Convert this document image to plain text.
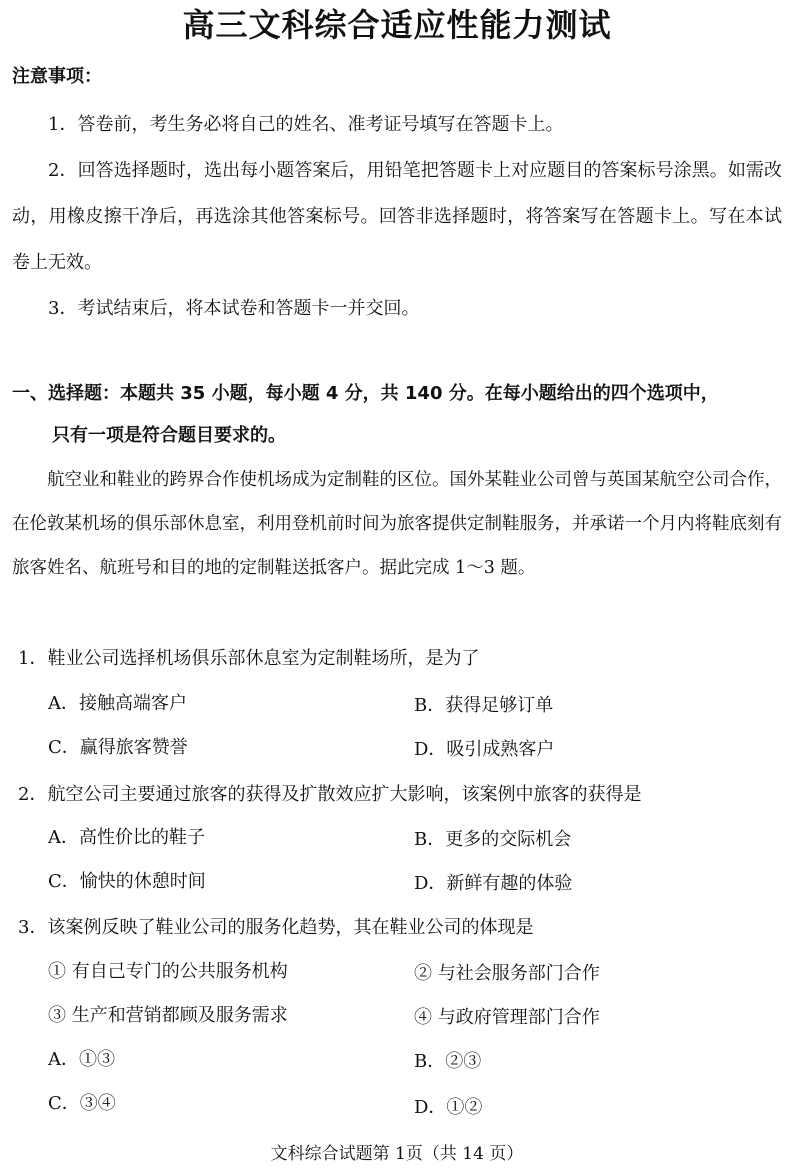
高三文科综合适应性能力测试
注意事项：

1．答卷前，考生务必将自己的姓名、准考证号填写在答题卡上。

2．回答选择题时，选出每小题答案后，用铅笔把答题卡上对应题目的答案标号涂黑。如需改动，用橡皮擦干净后，再选涂其他答案标号。回答非选择题时，将答案写在答题卡上。写在本试卷上无效。

3．考试结束后，将本试卷和答题卡一并交回。

一、选择题：本题共 35 小题，每小题 4 分，共 140 分。在每小题给出的四个选项中，
只有一项是符合题目要求的。

航空业和鞋业的跨界合作使机场成为定制鞋的区位。国外某鞋业公司曾与英国某航空公司合作，在伦敦某机场的俱乐部休息室，利用登机前时间为旅客提供定制鞋服务，并承诺一个月内将鞋底刻有旅客姓名、航班号和目的地的定制鞋送抵客户。据此完成 1～3 题。

1．鞋业公司选择机场俱乐部休息室为定制鞋场所，是为了
A．接触高端客户	B．获得足够订单
C．赢得旅客赞誉	D．吸引成熟客户
2．航空公司主要通过旅客的获得及扩散效应扩大影响，该案例中旅客的获得是
A．高性价比的鞋子	B．更多的交际机会
C．愉快的休憩时间	D．新鲜有趣的体验
3．该案例反映了鞋业公司的服务化趋势，其在鞋业公司的体现是
① 有自己专门的公共服务机构	② 与社会服务部门合作
③ 生产和营销都顾及服务需求	④ 与政府管理部门合作
A．①③	B．②③
C．③④	D．①②
文科综合试题第 1页（共 14 页）
